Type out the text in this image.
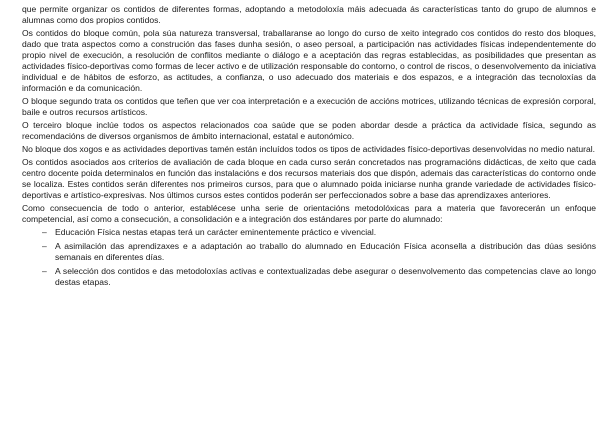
que permite organizar os contidos de diferentes formas, adoptando a metodoloxía máis adecuada ás características tanto do grupo de alumnos e alumnas como dos propios contidos.

Os contidos do bloque común, pola súa natureza transversal, traballaranse ao longo do curso de xeito integrado cos contidos do resto dos bloques, dado que trata aspectos como a construción das fases dunha sesión, o aseo persoal, a participación nas actividades físicas independentemente do propio nivel de execución, a resolución de conflitos mediante o diálogo e a aceptación das regras establecidas, as posibilidades que presentan as actividades físico-deportivas como formas de lecer activo e de utilización responsable do contorno, o control de riscos, o desenvolvemento da iniciativa individual e de hábitos de esforzo, as actitudes, a confianza, o uso adecuado dos materiais e dos espazos, e a integración das tecnoloxías da información e da comunicación.

O bloque segundo trata os contidos que teñen que ver coa interpretación e a execución de accións motrices, utilizando técnicas de expresión corporal, baile e outros recursos artísticos.

O terceiro bloque inclúe todos os aspectos relacionados coa saúde que se poden abordar desde a práctica da actividade física, segundo as recomendacións de diversos organismos de ámbito internacional, estatal e autonómico.

No bloque dos xogos e as actividades deportivas tamén están incluídos todos os tipos de actividades físico-deportivas desenvolvidas no medio natural.

Os contidos asociados aos criterios de avaliación de cada bloque en cada curso serán concretados nas programacións didácticas, de xeito que cada centro docente poida determinalos en función das instalacións e dos recursos materiais dos que dispón, ademais das características do contorno onde se localiza. Estes contidos serán diferentes nos primeiros cursos, para que o alumnado poida iniciarse nunha grande variedade de actividades físico-deportivas e artístico-expresivas. Nos últimos cursos estes contidos poderán ser perfeccionados sobre a base das aprendizaxes anteriores.

Como consecuencia de todo o anterior, establécese unha serie de orientacións metodolóxicas para a materia que favorecerán un enfoque competencial, así como a consecución, a consolidación e a integración dos estándares por parte do alumnado:

– Educación Física nestas etapas terá un carácter eminentemente práctico e vivencial.
– A asimilación das aprendizaxes e a adaptación ao traballo do alumnado en Educación Física aconsella a distribución das dúas sesións semanais en diferentes días.
– A selección dos contidos e das metodoloxías activas e contextualizadas debe asegurar o desenvolvemento das competencias clave ao longo destas etapas.
